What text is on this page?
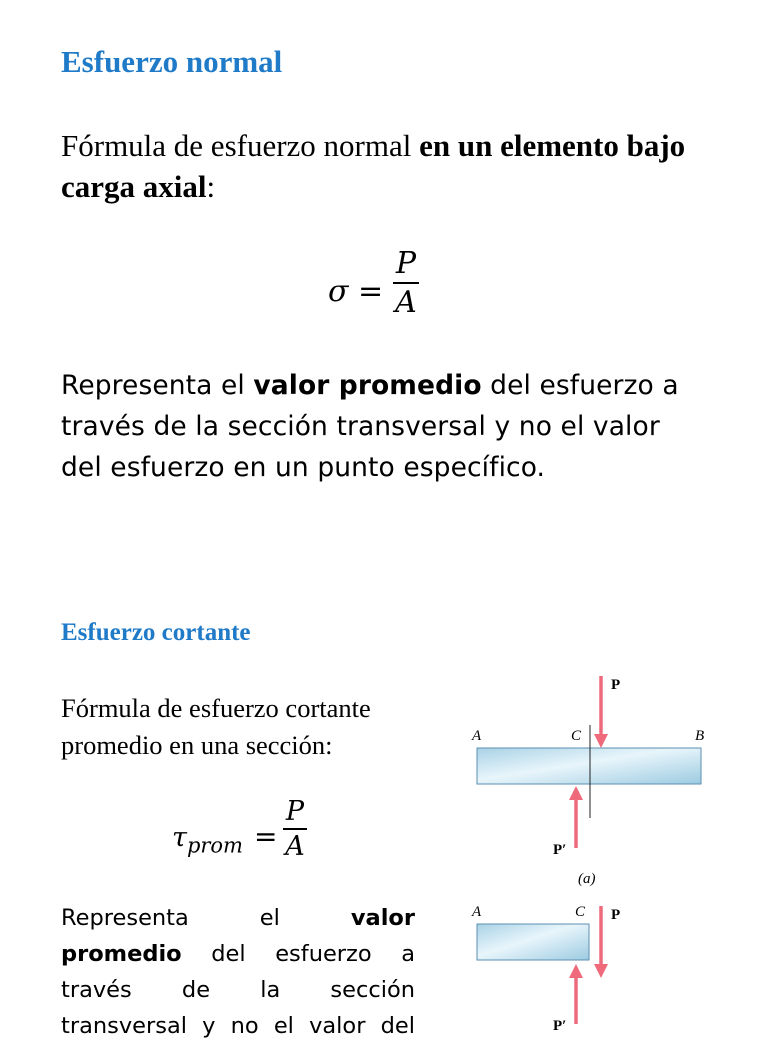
Esfuerzo normal
Fórmula de esfuerzo normal en un elemento bajo carga axial:
σ =
P
A
Representa el valor promedio del esfuerzo a través de la sección transversal y no el valor del esfuerzo en un punto específico.
Esfuerzo cortante
Fórmula de esfuerzo cortante promedio en una sección:
$\tau_{prom}$ =
P
A
Representa el valor promedio del esfuerzo a través de la sección transversal y no el valor del
A	C	B
P
P′
(a)
A	C P
P′
